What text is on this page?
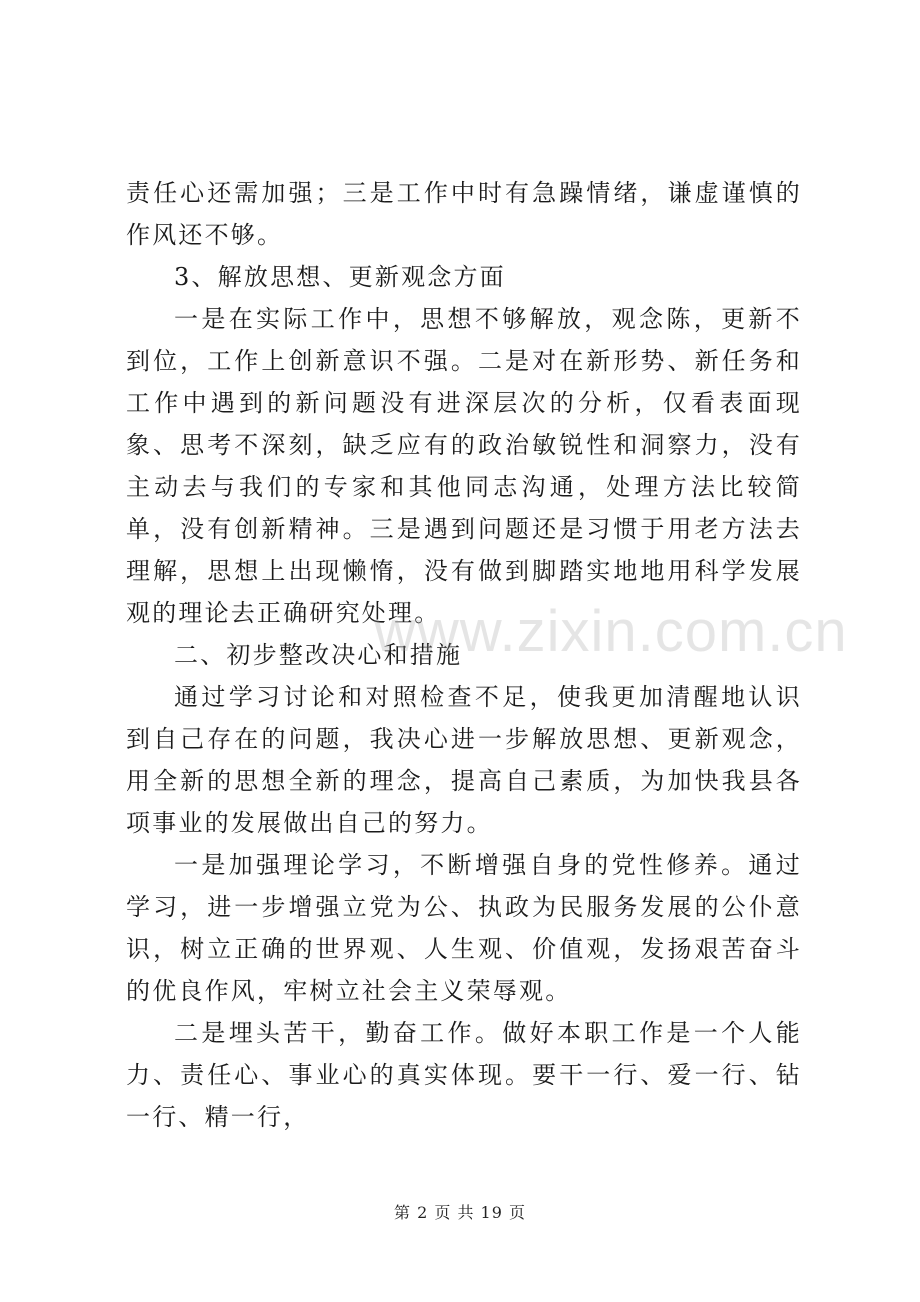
责任心还需加强；三是工作中时有急躁情绪，谦虚谨慎的作风还不够。

3、解放思想、更新观念方面

一是在实际工作中，思想不够解放，观念陈，更新不到位，工作上创新意识不强。二是对在新形势、新任务和工作中遇到的新问题没有进深层次的分析，仅看表面现象、思考不深刻，缺乏应有的政治敏锐性和洞察力，没有主动去与我们的专家和其他同志沟通，处理方法比较简单，没有创新精神。三是遇到问题还是习惯于用老方法去理解，思想上出现懒惰，没有做到脚踏实地地用科学发展观的理论去正确研究处理。

二、初步整改决心和措施

通过学习讨论和对照检查不足，使我更加清醒地认识到自己存在的问题，我决心进一步解放思想、更新观念，用全新的思想全新的理念，提高自己素质，为加快我县各项事业的发展做出自己的努力。

一是加强理论学习，不断增强自身的党性修养。通过学习，进一步增强立党为公、执政为民服务发展的公仆意识，树立正确的世界观、人生观、价值观，发扬艰苦奋斗的优良作风，牢树立社会主义荣辱观。

二是埋头苦干，勤奋工作。做好本职工作是一个人能力、责任心、事业心的真实体现。要干一行、爱一行、钻一行、精一行，

www.zixin.com.cn
第 2 页 共 19 页
